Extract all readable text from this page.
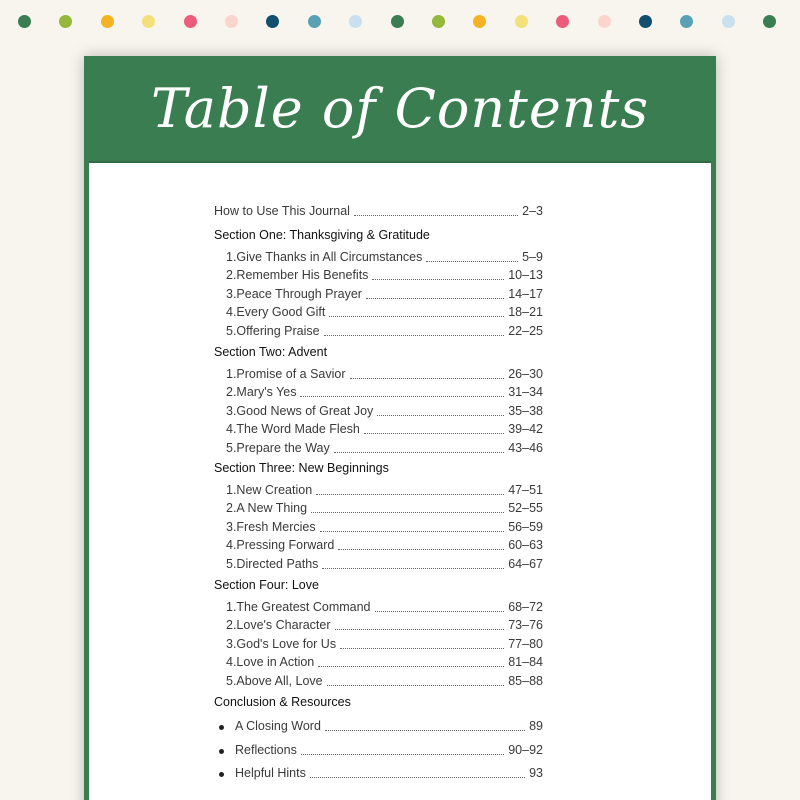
Table of Contents
How to Use This Journal	2–3
Section One: Thanksgiving & Gratitude
1.Give Thanks in All Circumstances	5–9
2.Remember His Benefits	10–13
3.Peace Through Prayer	14–17
4.Every Good Gift	18–21
5.Offering Praise	22–25
Section Two: Advent
1.Promise of a Savior	26–30
2.Mary's Yes	31–34
3.Good News of Great Joy	35–38
4.The Word Made Flesh	39–42
5.Prepare the Way	43–46
Section Three: New Beginnings
1.New Creation	47–51
2.A New Thing	52–55
3.Fresh Mercies	56–59
4.Pressing Forward	60–63
5.Directed Paths	64–67
Section Four: Love
1.The Greatest Command	68–72
2.Love's Character	73–76
3.God's Love for Us	77–80
4.Love in Action	81–84
5.Above All, Love	85–88
Conclusion & Resources
A Closing Word	89
Reflections	90–92
Helpful Hints	93
